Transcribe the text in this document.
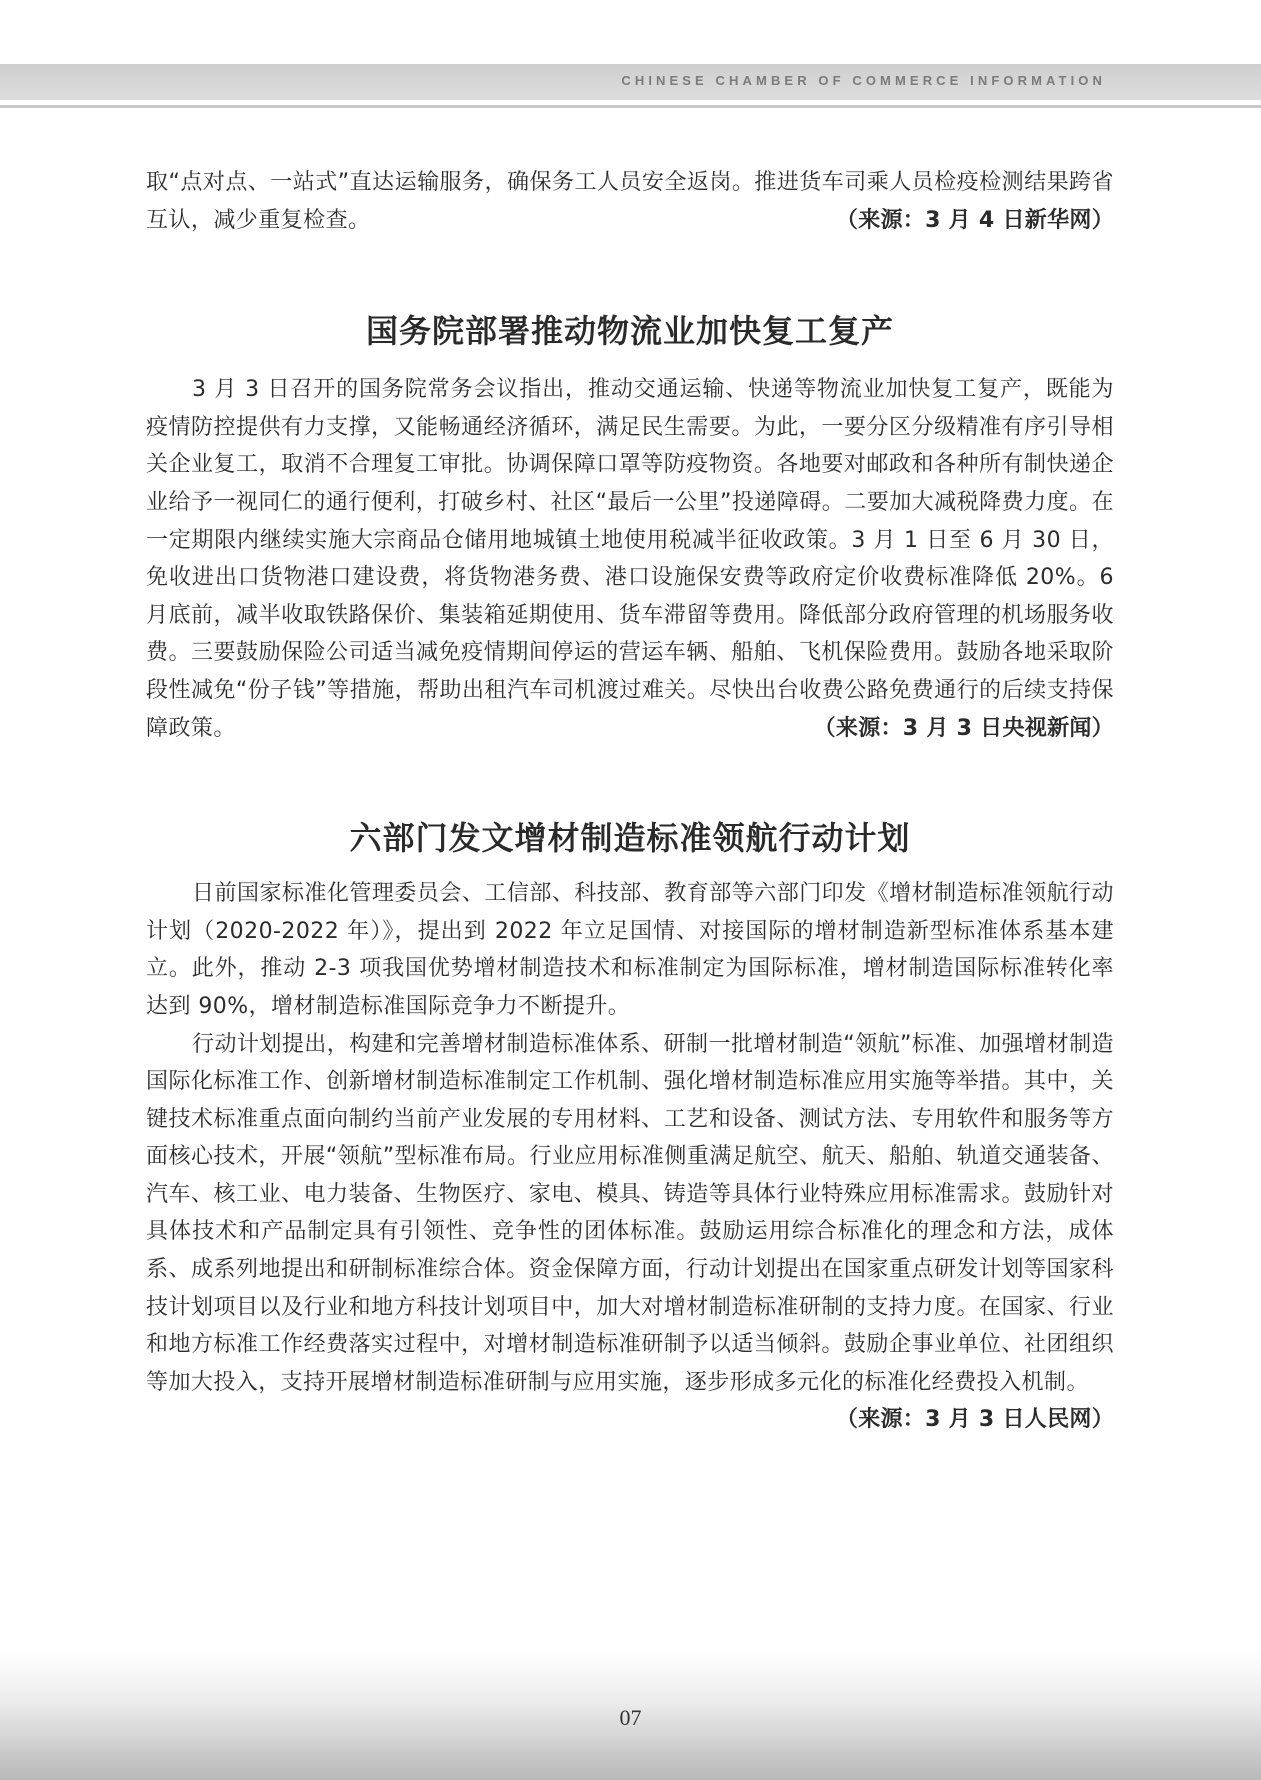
CHINESE CHAMBER OF COMMERCE INFORMATION

取“点对点、一站式”直达运输服务，确保务工人员安全返岗。推进货车司乘人员检疫检测结果跨省互认，减少重复检查。	（来源：3 月 4 日新华网）

国务院部署推动物流业加快复工复产

3 月 3 日召开的国务院常务会议指出，推动交通运输、快递等物流业加快复工复产，既能为疫情防控提供有力支撑，又能畅通经济循环，满足民生需要。为此，一要分区分级精准有序引导相关企业复工，取消不合理复工审批。协调保障口罩等防疫物资。各地要对邮政和各种所有制快递企业给予一视同仁的通行便利，打破乡村、社区“最后一公里”投递障碍。二要加大减税降费力度。在一定期限内继续实施大宗商品仓储用地城镇土地使用税减半征收政策。3 月 1 日至 6 月 30 日，免收进出口货物港口建设费，将货物港务费、港口设施保安费等政府定价收费标准降低 20%。6 月底前，减半收取铁路保价、集装箱延期使用、货车滞留等费用。降低部分政府管理的机场服务收费。三要鼓励保险公司适当减免疫情期间停运的营运车辆、船舶、飞机保险费用。鼓励各地采取阶段性减免“份子钱”等措施，帮助出租汽车司机渡过难关。尽快出台收费公路免费通行的后续支持保障政策。	（来源：3 月 3 日央视新闻）

六部门发文增材制造标准领航行动计划

日前国家标准化管理委员会、工信部、科技部、教育部等六部门印发《增材制造标准领航行动计划（2020-2022 年）》，提出到 2022 年立足国情、对接国际的增材制造新型标准体系基本建立。此外，推动 2-3 项我国优势增材制造技术和标准制定为国际标准，增材制造国际标准转化率达到 90%，增材制造标准国际竞争力不断提升。

行动计划提出，构建和完善增材制造标准体系、研制一批增材制造“领航”标准、加强增材制造国际化标准工作、创新增材制造标准制定工作机制、强化增材制造标准应用实施等举措。其中，关键技术标准重点面向制约当前产业发展的专用材料、工艺和设备、测试方法、专用软件和服务等方面核心技术，开展“领航”型标准布局。行业应用标准侧重满足航空、航天、船舶、轨道交通装备、汽车、核工业、电力装备、生物医疗、家电、模具、铸造等具体行业特殊应用标准需求。鼓励针对具体技术和产品制定具有引领性、竞争性的团体标准。鼓励运用综合标准化的理念和方法，成体系、成系列地提出和研制标准综合体。资金保障方面，行动计划提出在国家重点研发计划等国家科技计划项目以及行业和地方科技计划项目中，加大对增材制造标准研制的支持力度。在国家、行业和地方标准工作经费落实过程中，对增材制造标准研制予以适当倾斜。鼓励企事业单位、社团组织等加大投入，支持开展增材制造标准研制与应用实施，逐步形成多元化的标准化经费投入机制。
（来源：3 月 3 日人民网）

07
